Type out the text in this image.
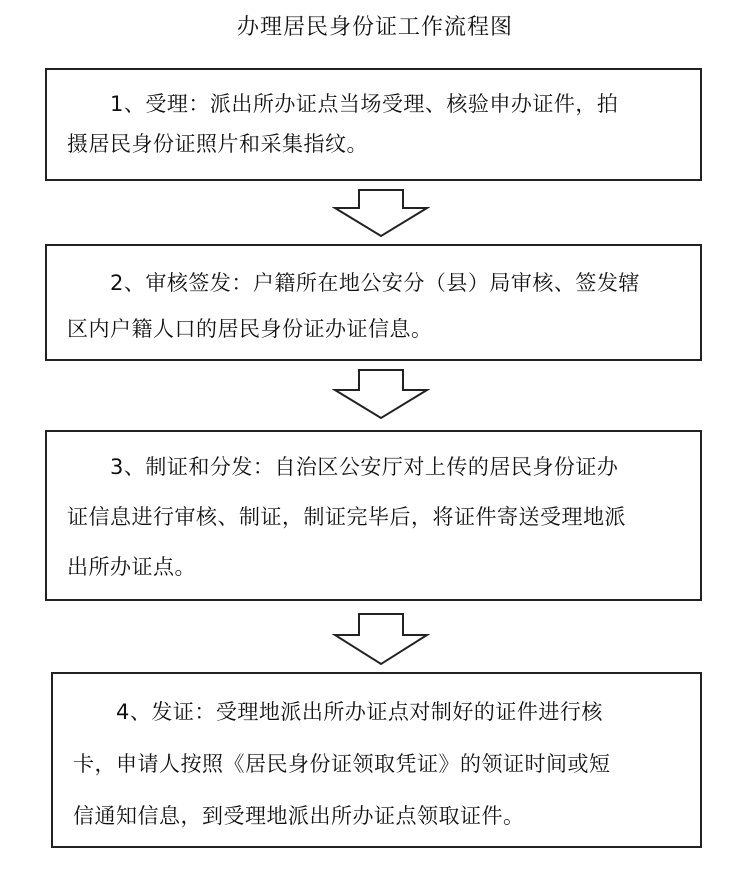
办理居民身份证工作流程图
　　1、受理：派出所办证点当场受理、核验申办证件，拍
摄居民身份证照片和采集指纹。
　　2、审核签发：户籍所在地公安分（县）局审核、签发辖
区内户籍人口的居民身份证办证信息。
　　3、制证和分发：自治区公安厅对上传的居民身份证办
证信息进行审核、制证，制证完毕后，将证件寄送受理地派
出所办证点。
　　4、发证：受理地派出所办证点对制好的证件进行核
卡，申请人按照《居民身份证领取凭证》的领证时间或短
信通知信息，到受理地派出所办证点领取证件。
